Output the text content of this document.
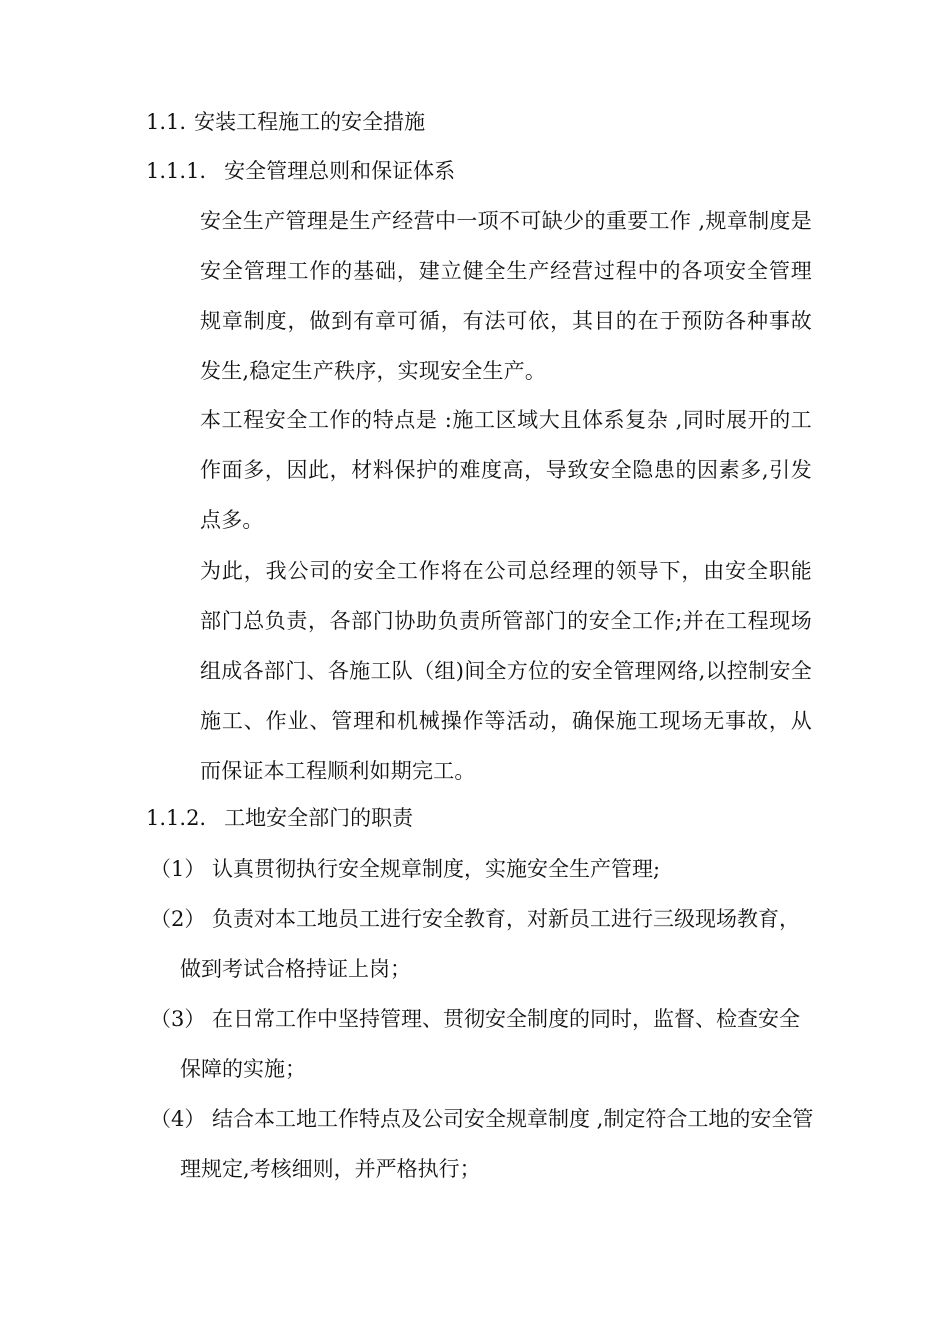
1.1. 安装工程施工的安全措施
1.1.1. 安全管理总则和保证体系
安全生产管理是生产经营中一项不可缺少的重要工作 ,规章制度是安全管理工作的基础，建立健全生产经营过程中的各项安全管理规章制度，做到有章可循，有法可依，其目的在于预防各种事故发生,稳定生产秩序，实现安全生产。
本工程安全工作的特点是 :施工区域大且体系复杂 ,同时展开的工作面多，因此，材料保护的难度高，导致安全隐患的因素多,引发点多。
为此，我公司的安全工作将在公司总经理的领导下，由安全职能部门总负责，各部门协助负责所管部门的安全工作;并在工程现场组成各部门、各施工队（组)间全方位的安全管理网络,以控制安全施工、作业、管理和机械操作等活动，确保施工现场无事故，从而保证本工程顺利如期完工。
1.1.2. 工地安全部门的职责
（1） 认真贯彻执行安全规章制度，实施安全生产管理;
（2） 负责对本工地员工进行安全教育，对新员工进行三级现场教育，做到考试合格持证上岗；
（3） 在日常工作中坚持管理、贯彻安全制度的同时，监督、检查安全保障的实施；
（4） 结合本工地工作特点及公司安全规章制度 ,制定符合工地的安全管理规定,考核细则，并严格执行；
